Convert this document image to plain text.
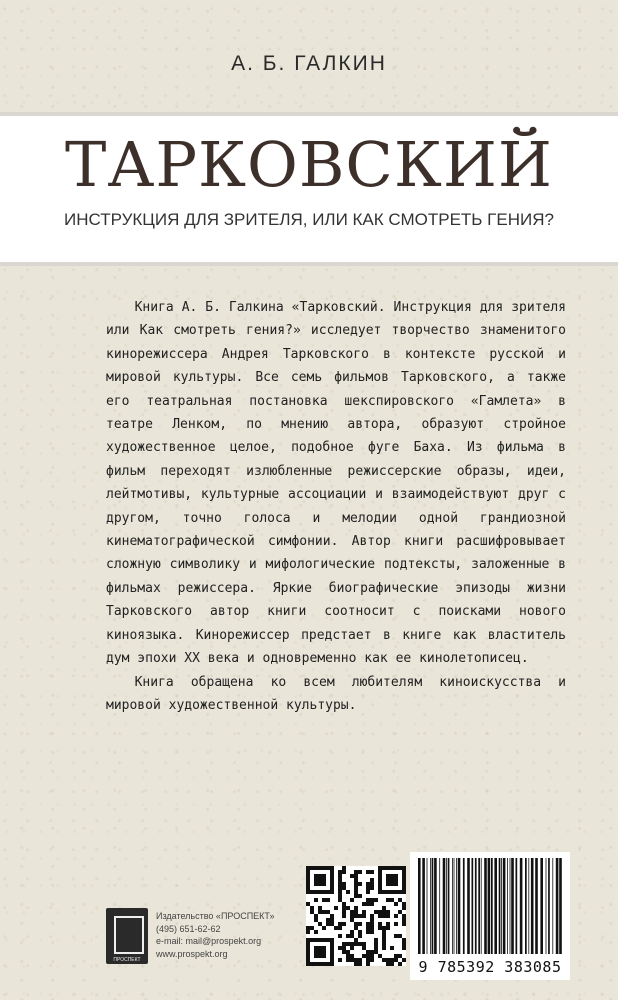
А. Б. ГАЛКИН
ТАРКОВСКИЙ
ИНСТРУКЦИЯ ДЛЯ ЗРИТЕЛЯ, ИЛИ КАК СМОТРЕТЬ ГЕНИЯ?

Книга А. Б. Галкина «Тарковский. Инструкция для зрителя или Как смотреть гения?» исследует творчество знаменитого кинорежиссера Андрея Тарковского в контексте русской и мировой культуры. Все семь фильмов Тарковского, а также его театральная постановка шекспировского «Гамлета» в театре Ленком, по мнению автора, образуют стройное художественное целое, подобное фуге Баха. Из фильма в фильм переходят излюбленные режиссерские образы, идеи, лейтмотивы, культурные ассоциации и взаимодействуют друг с другом, точно голоса и мелодии одной грандиозной кинематографической симфонии. Автор книги расшифровывает сложную символику и мифологические подтексты, заложенные в фильмах режиссера. Яркие биографические эпизоды жизни Тарковского автор книги соотносит с поисками нового киноязыка. Кинорежиссер предстает в книге как властитель дум эпохи XX века и одновременно как ее кинолетописец.

Книга обращена ко всем любителям киноискусства и мировой художественной культуры.

ПРОСПЕКТ
Издательство «ПРОСПЕКТ»
(495) 651-62-62
e-mail: mail@prospekt.org
www.prospekt.org
9 785392 383085
